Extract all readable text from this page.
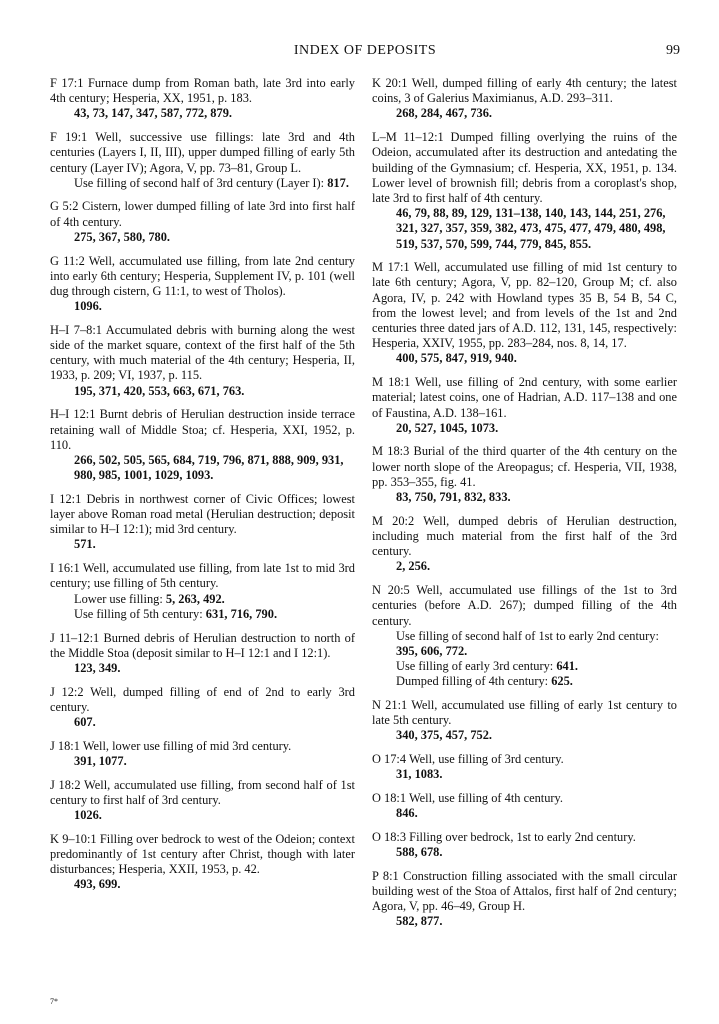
INDEX OF DEPOSITS	99
F 17:1 Furnace dump from Roman bath, late 3rd into early 4th century; Hesperia, XX, 1951, p. 183.
43, 73, 147, 347, 587, 772, 879.
F 19:1 Well, successive use fillings: late 3rd and 4th centuries (Layers I, II, III), upper dumped filling of early 5th century (Layer IV); Agora, V, pp. 73–81, Group L.
Use filling of second half of 3rd century (Layer I): 817.
G 5:2 Cistern, lower dumped filling of late 3rd into first half of 4th century.
275, 367, 580, 780.
G 11:2 Well, accumulated use filling, from late 2nd century into early 6th century; Hesperia, Supplement IV, p. 101 (well dug through cistern, G 11:1, to west of Tholos).
1096.
H–I 7–8:1 Accumulated debris with burning along the west side of the market square, context of the first half of the 5th century, with much material of the 4th century; Hesperia, II, 1933, p. 209; VI, 1937, p. 115.
195, 371, 420, 553, 663, 671, 763.
H–I 12:1 Burnt debris of Herulian destruction inside terrace retaining wall of Middle Stoa; cf. Hesperia, XXI, 1952, p. 110.
266, 502, 505, 565, 684, 719, 796, 871, 888, 909, 931, 980, 985, 1001, 1029, 1093.
I 12:1 Debris in northwest corner of Civic Offices; lowest layer above Roman road metal (Herulian destruction; deposit similar to H–I 12:1); mid 3rd century.
571.
I 16:1 Well, accumulated use filling, from late 1st to mid 3rd century; use filling of 5th century.
Lower use filling: 5, 263, 492.
Use filling of 5th century: 631, 716, 790.
J 11–12:1 Burned debris of Herulian destruction to north of the Middle Stoa (deposit similar to H–I 12:1 and I 12:1).
123, 349.
J 12:2 Well, dumped filling of end of 2nd to early 3rd century.
607.
J 18:1 Well, lower use filling of mid 3rd century.
391, 1077.
J 18:2 Well, accumulated use filling, from second half of 1st century to first half of 3rd century.
1026.
K 9–10:1 Filling over bedrock to west of the Odeion; context predominantly of 1st century after Christ, though with later disturbances; Hesperia, XXII, 1953, p. 42.
493, 699.
K 20:1 Well, dumped filling of early 4th century; the latest coins, 3 of Galerius Maximianus, A.D. 293–311.
268, 284, 467, 736.
L–M 11–12:1 Dumped filling overlying the ruins of the Odeion, accumulated after its destruction and antedating the building of the Gymnasium; cf. Hesperia, XX, 1951, p. 134. Lower level of brownish fill; debris from a coroplast's shop, late 3rd to first half of 4th century.
46, 79, 88, 89, 129, 131–138, 140, 143, 144, 251, 276, 321, 327, 357, 359, 382, 473, 475, 477, 479, 480, 498, 519, 537, 570, 599, 744, 779, 845, 855.
M 17:1 Well, accumulated use filling of mid 1st century to late 6th century; Agora, V, pp. 82–120, Group M; cf. also Agora, IV, p. 242 with Howland types 35 B, 54 B, 54 C, from the lowest level; and from levels of the 1st and 2nd centuries three dated jars of A.D. 112, 131, 145, respectively: Hesperia, XXIV, 1955, pp. 283–284, nos. 8, 14, 17.
400, 575, 847, 919, 940.
M 18:1 Well, use filling of 2nd century, with some earlier material; latest coins, one of Hadrian, A.D. 117–138 and one of Faustina, A.D. 138–161.
20, 527, 1045, 1073.
M 18:3 Burial of the third quarter of the 4th century on the lower north slope of the Areopagus; cf. Hesperia, VII, 1938, pp. 353–355, fig. 41.
83, 750, 791, 832, 833.
M 20:2 Well, dumped debris of Herulian destruction, including much material from the first half of the 3rd century.
2, 256.
N 20:5 Well, accumulated use fillings of the 1st to 3rd centuries (before A.D. 267); dumped filling of the 4th century.
Use filling of second half of 1st to early 2nd century: 395, 606, 772.
Use filling of early 3rd century: 641.
Dumped filling of 4th century: 625.
N 21:1 Well, accumulated use filling of early 1st century to late 5th century.
340, 375, 457, 752.
O 17:4 Well, use filling of 3rd century.
31, 1083.
O 18:1 Well, use filling of 4th century.
846.
O 18:3 Filling over bedrock, 1st to early 2nd century.
588, 678.
P 8:1 Construction filling associated with the small circular building west of the Stoa of Attalos, first half of 2nd century; Agora, V, pp. 46–49, Group H.
582, 877.
7*
